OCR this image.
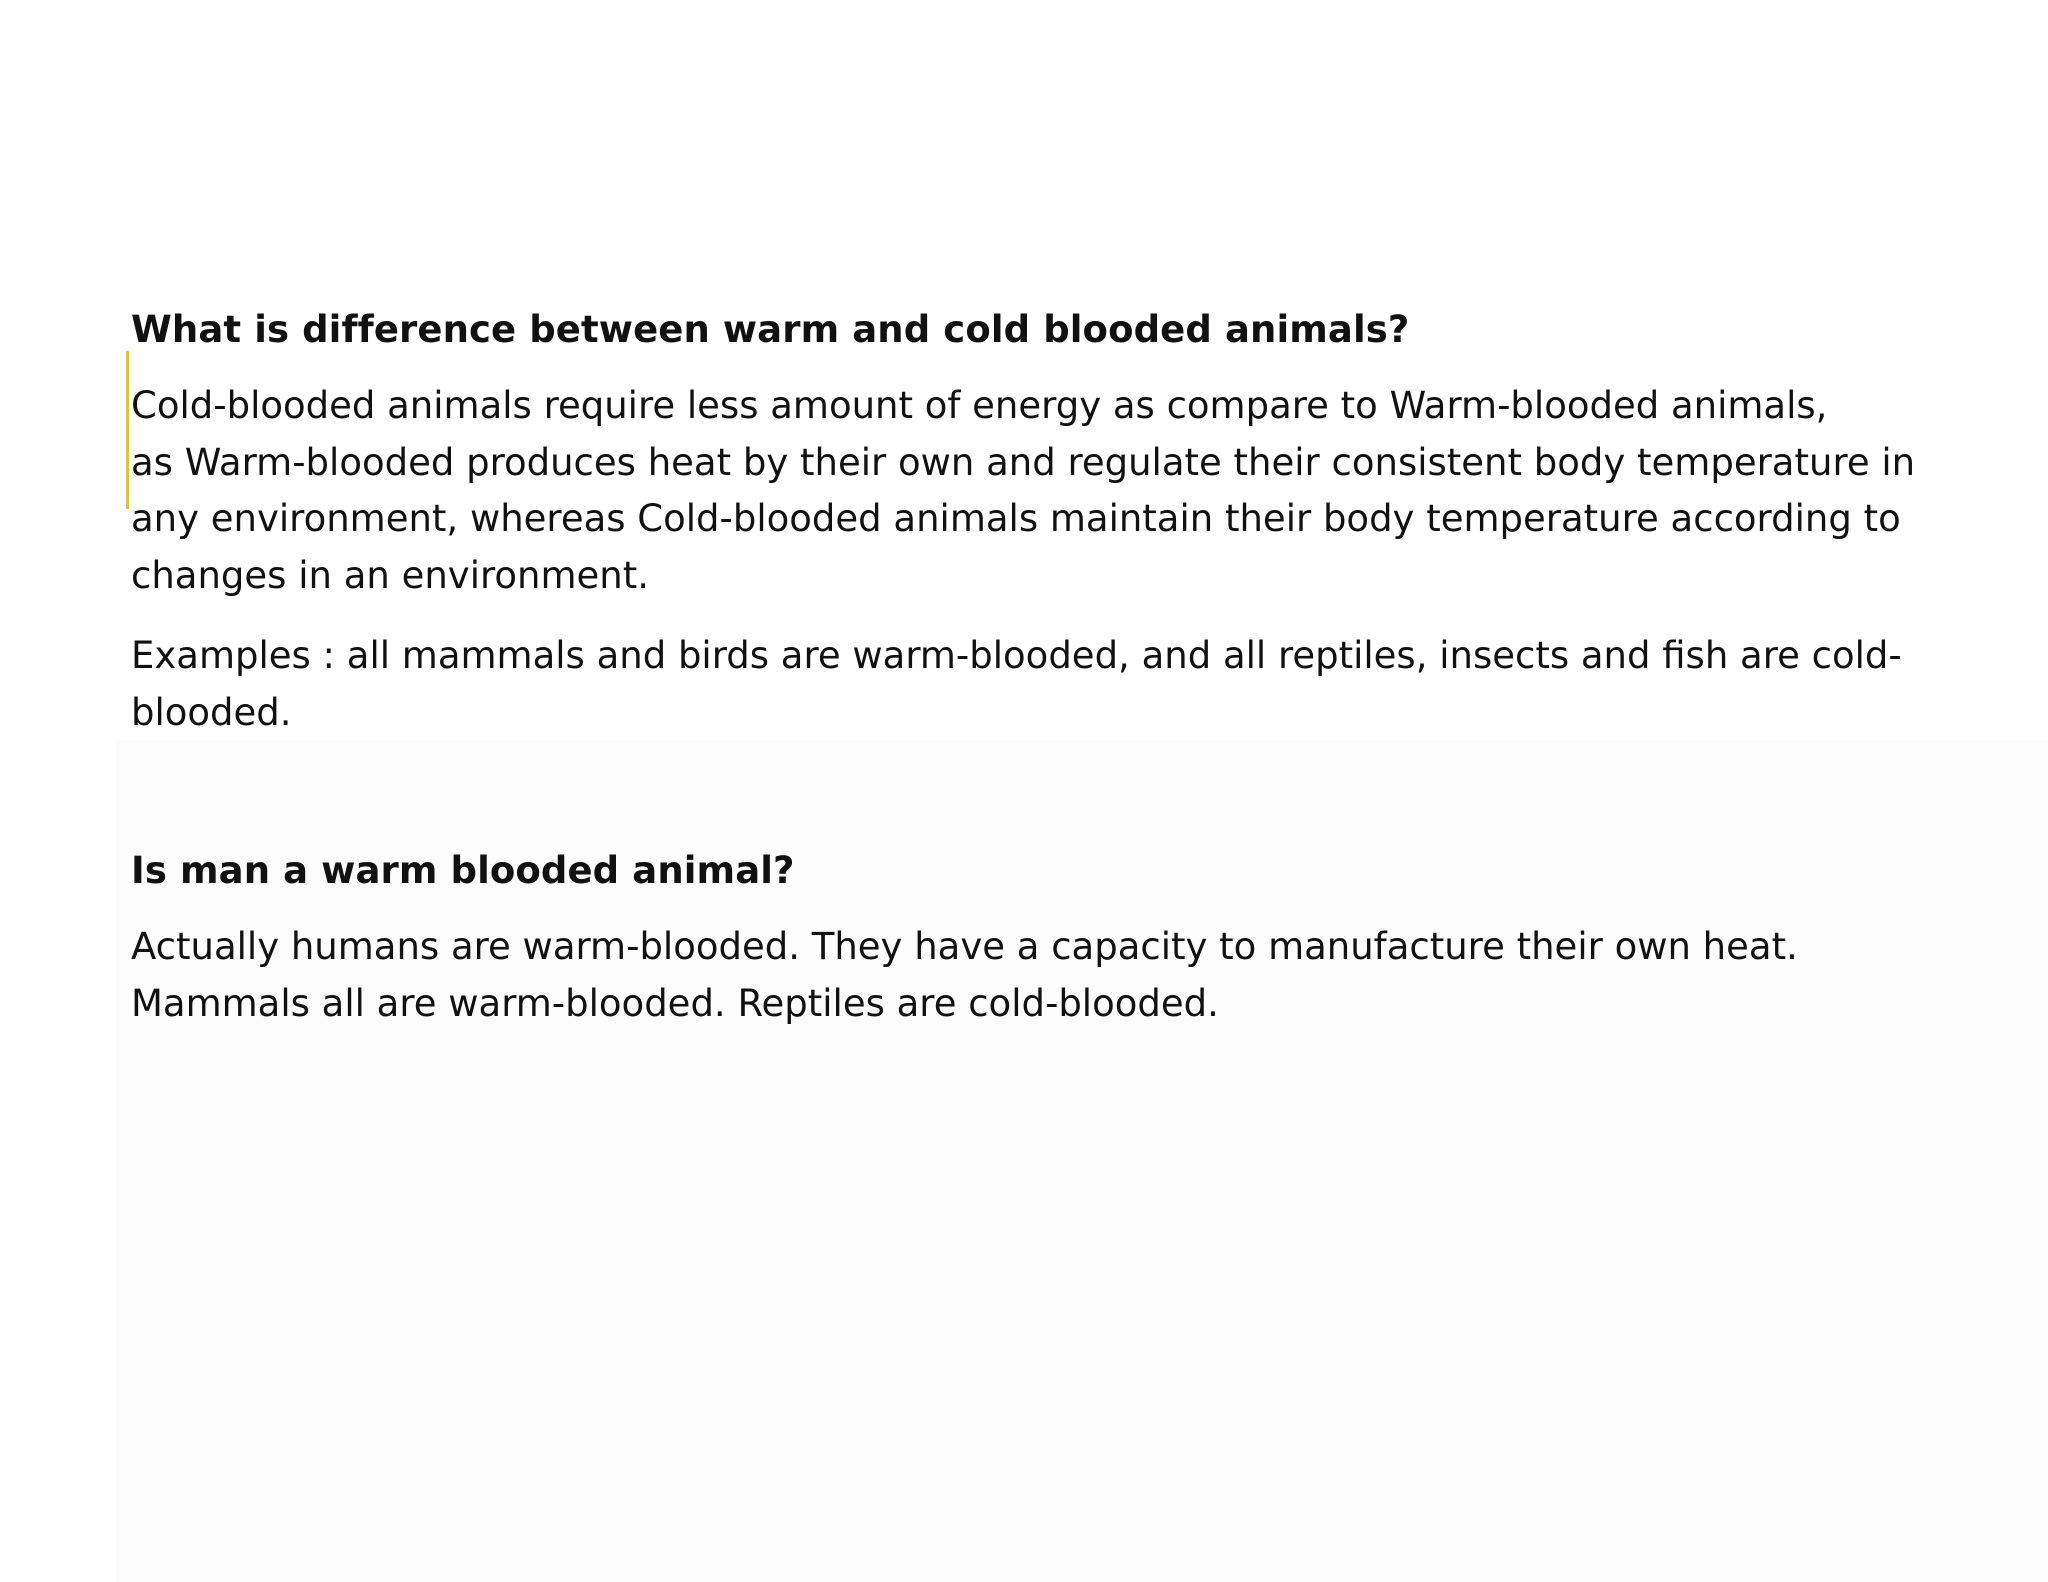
What is difference between warm and cold blooded animals?

Cold-blooded animals require less amount of energy as compare to Warm-blooded animals,
as Warm-blooded produces heat by their own and regulate their consistent body temperature in
any environment, whereas Cold-blooded animals maintain their body temperature according to
changes in an environment.

Examples : all mammals and birds are warm-blooded, and all reptiles, insects and fish are cold-
blooded.

Is man a warm blooded animal?

Actually humans are warm-blooded. They have a capacity to manufacture their own heat.
Mammals all are warm-blooded. Reptiles are cold-blooded.
